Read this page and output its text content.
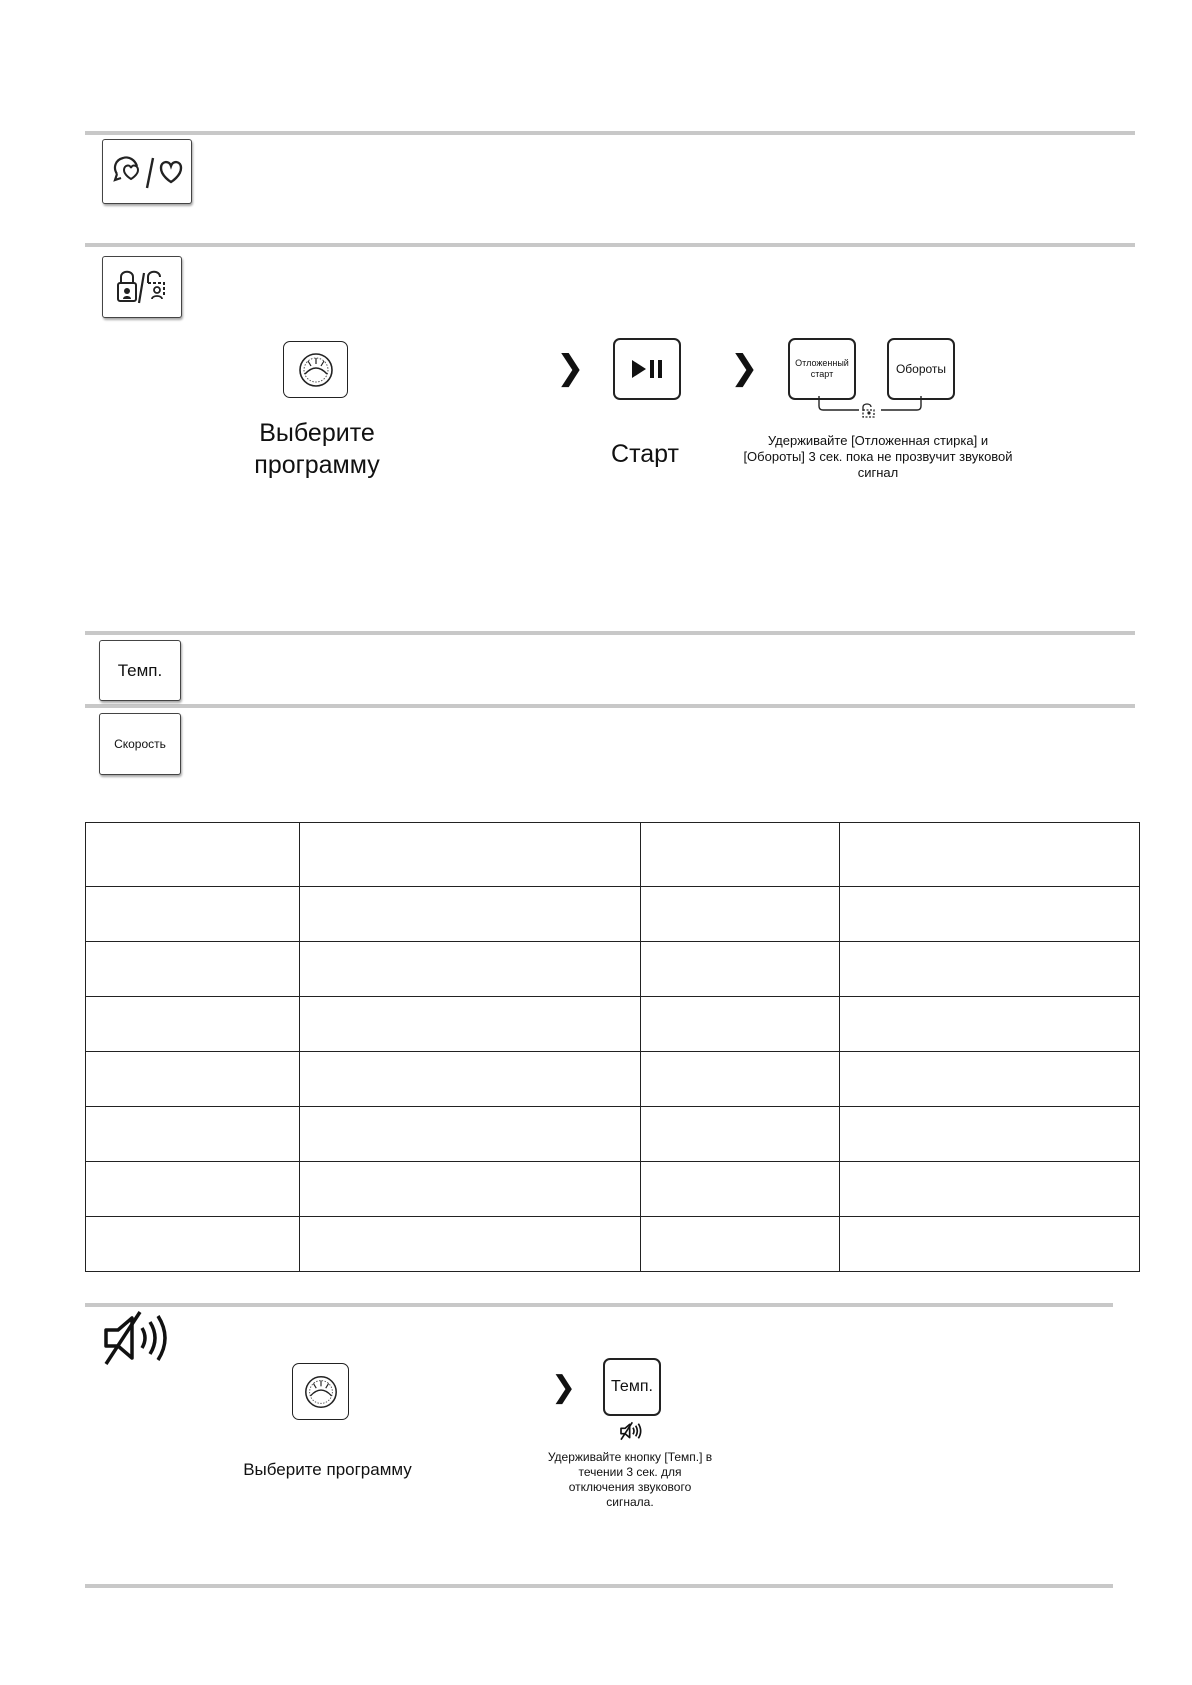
Выберите программу
❯
Старт
❯	Отложенный старт	Обороты
Удерживайте [Отложенная стирка] и [Обороты] 3 сек. пока не прозвучит звуковой сигнал
Темп.
Скорость

Выберите программу
❯ Темп.
Удерживайте кнопку [Темп.] в течении 3 сек. для отключения звукового сигнала.
